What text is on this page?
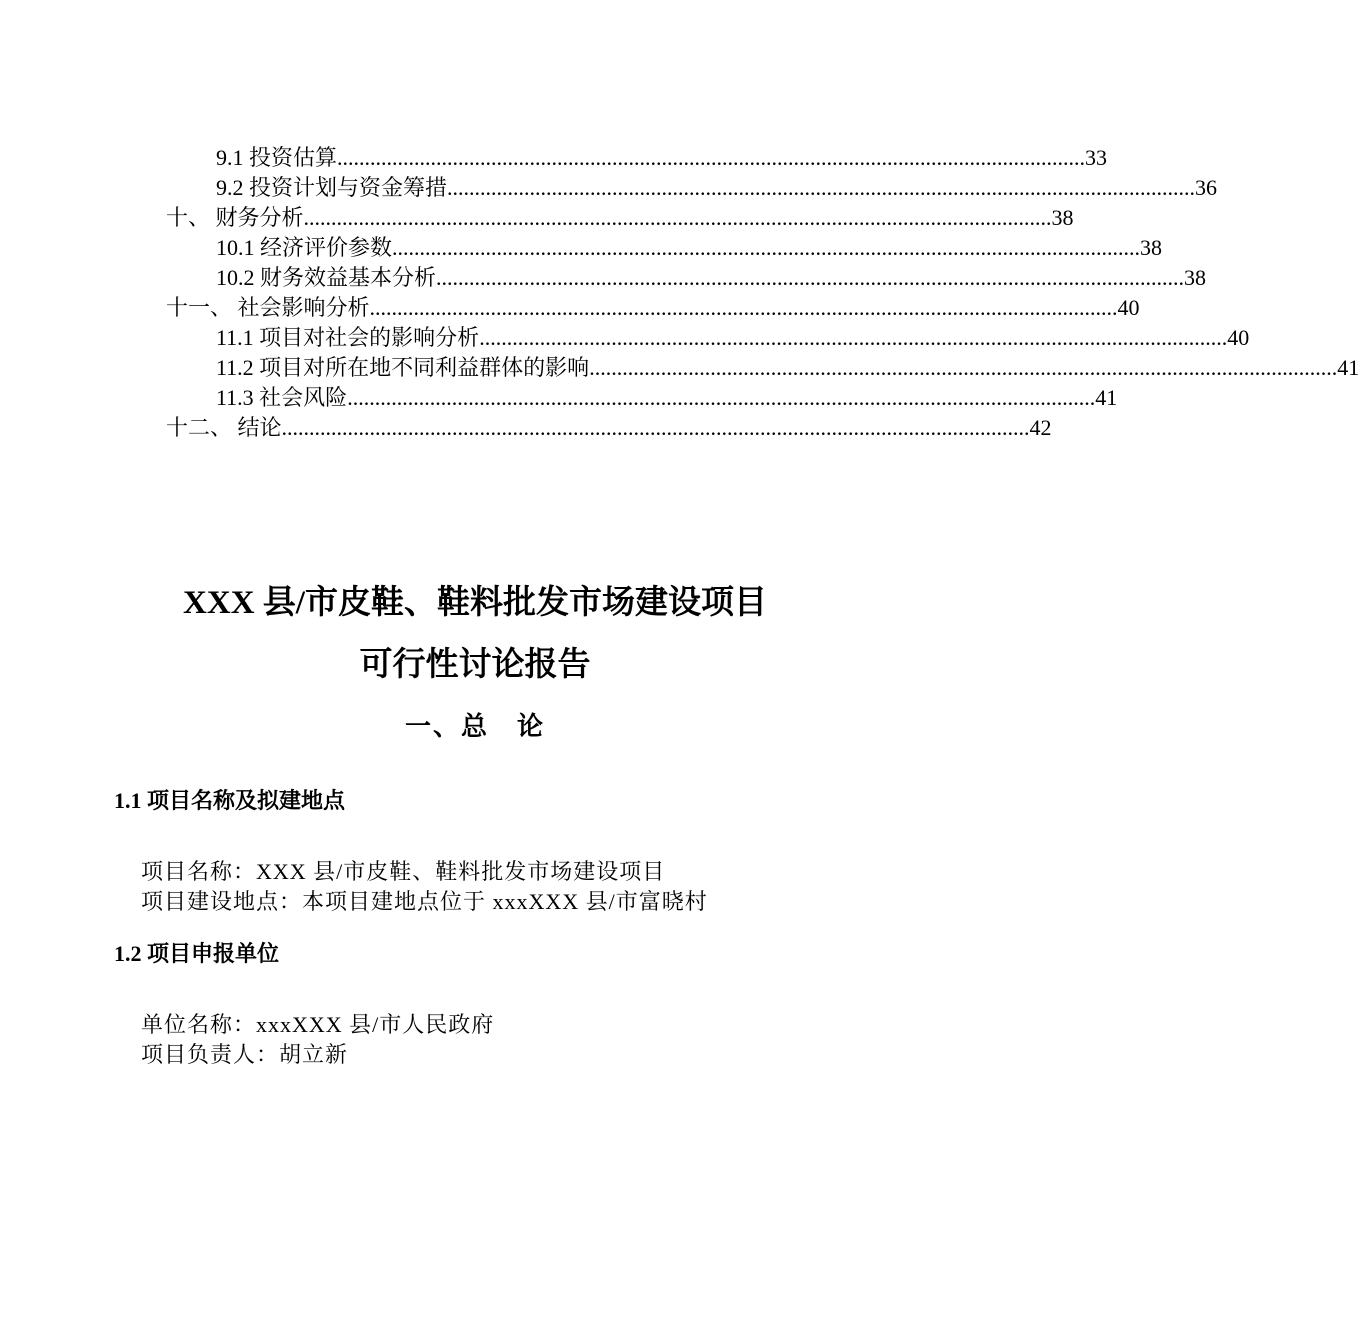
9.1 投资估算 ........................................................................................................................................ 33
9.2 投资计划与资金筹措 ........................................................................................................................................ 36
十、 财务分析 ........................................................................................................................................ 38
10.1 经济评价参数 ........................................................................................................................................ 38
10.2 财务效益基本分析 ........................................................................................................................................ 38
十一、 社会影响分析 ........................................................................................................................................ 40
11.1 项目对社会的影响分析 ........................................................................................................................................ 40
11.2 项目对所在地不同利益群体的影响 ........................................................................................................................................ 41
11.3 社会风险 ........................................................................................................................................ 41
十二、 结论 ........................................................................................................................................ 42
XXX 县/市皮鞋、鞋料批发市场建设项目
可行性讨论报告
一、总　论
1.1 项目名称及拟建地点
项目名称：XXX 县/市皮鞋、鞋料批发市场建设项目
项目建设地点：本项目建地点位于 xxxXXX 县/市富晓村
1.2 项目申报单位
单位名称：xxxXXX 县/市人民政府
项目负责人：胡立新
